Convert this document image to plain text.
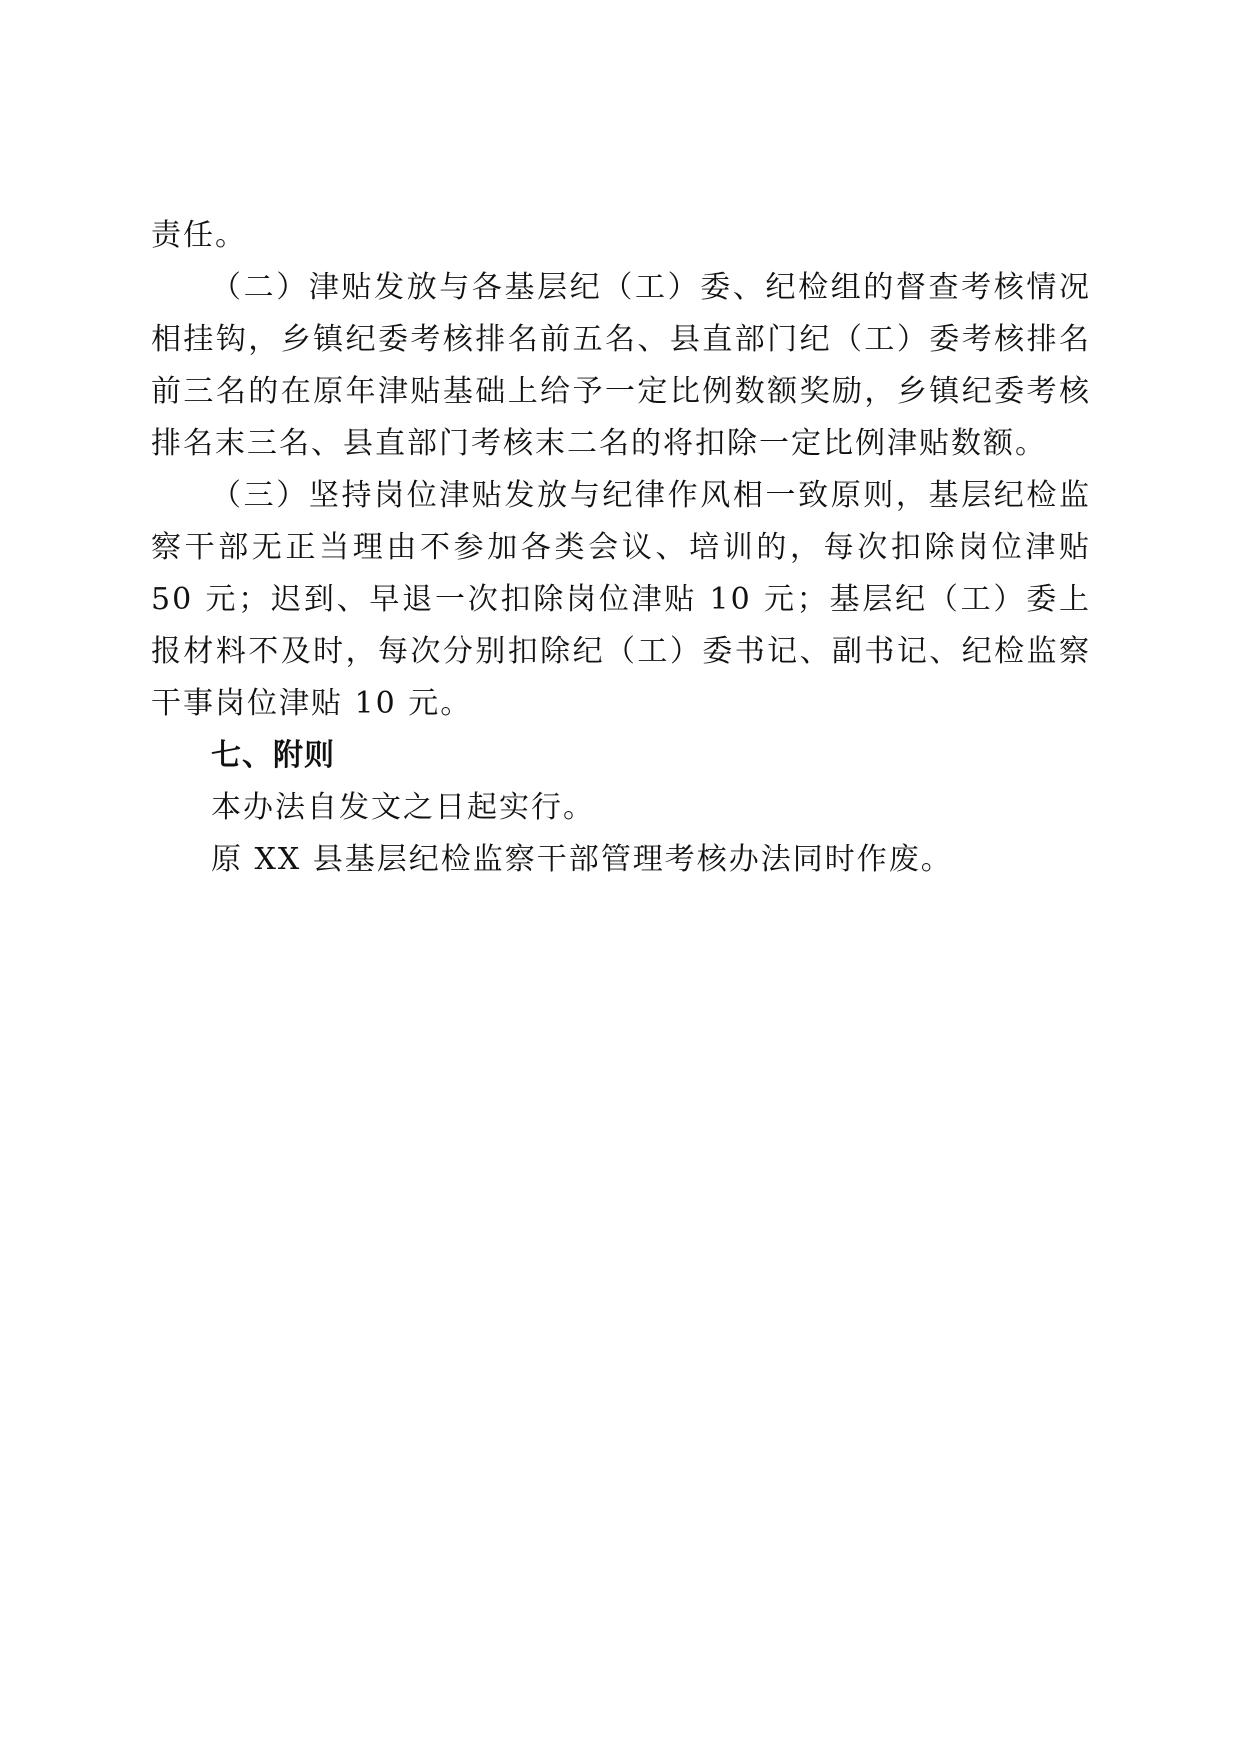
责任。

（二）津贴发放与各基层纪（工）委、纪检组的督查考核情况相挂钩，乡镇纪委考核排名前五名、县直部门纪（工）委考核排名前三名的在原年津贴基础上给予一定比例数额奖励，乡镇纪委考核排名末三名、县直部门考核末二名的将扣除一定比例津贴数额。

（三）坚持岗位津贴发放与纪律作风相一致原则，基层纪检监察干部无正当理由不参加各类会议、培训的，每次扣除岗位津贴 50 元；迟到、早退一次扣除岗位津贴 10 元；基层纪（工）委上报材料不及时，每次分别扣除纪（工）委书记、副书记、纪检监察干事岗位津贴 10 元。

七、附则

本办法自发文之日起实行。

原 XX 县基层纪检监察干部管理考核办法同时作废。
